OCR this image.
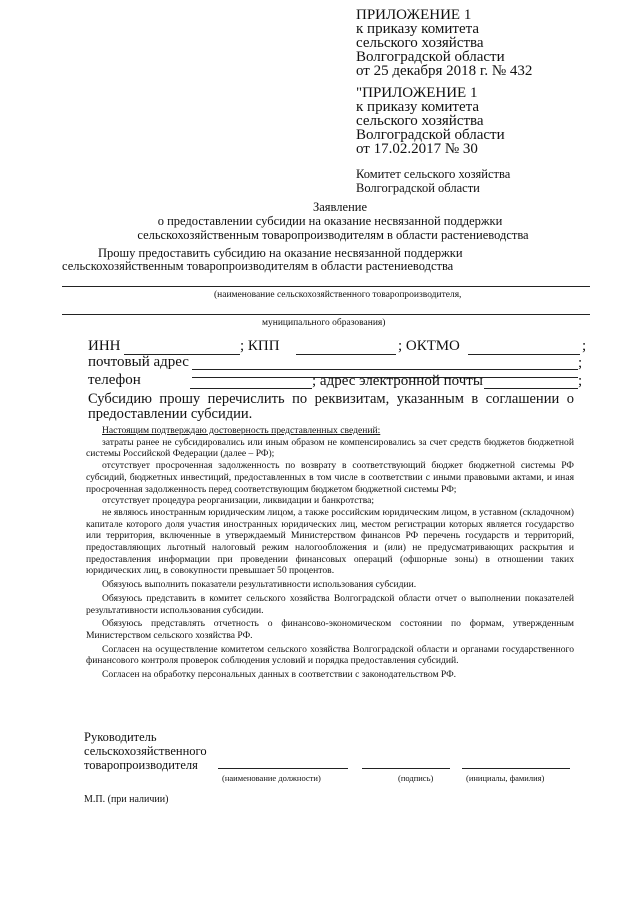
ПРИЛОЖЕНИЕ 1
к приказу комитета
сельского хозяйства
Волгоградской области
от 25 декабря 2018 г. № 432
"ПРИЛОЖЕНИЕ 1
к приказу комитета
сельского хозяйства
Волгоградской области
от 17.02.2017 № 30
Комитет сельского хозяйства
Волгоградской области
Заявление
о предоставлении субсидии на оказание несвязанной поддержки
сельскохозяйственным товаропроизводителям в области растениеводства
Прошу предоставить субсидию на оказание несвязанной поддержки
сельскохозяйственным товаропроизводителям в области растениеводства
(наименование сельскохозяйственного товаропроизводителя,
муниципального образования)
ИНН	; КПП	; ОКТМО	;
почтовый адрес	;
телефон	; адрес электронной почты	;
Субсидию прошу перечислить по реквизитам, указанным в соглашении о предоставлении субсидии.

Настоящим подтверждаю достоверность представленных сведений:

затраты ранее не субсидировались или иным образом не компенсировались за счет средств бюджетов бюджетной системы Российской Федерации (далее – РФ);

отсутствует просроченная задолженность по возврату в соответствующий бюджет бюджетной системы РФ субсидий, бюджетных инвестиций, предоставленных в том числе в соответствии с иными правовыми актами, и иная просроченная задолженность перед соответствующим бюджетом бюджетной системы РФ;

отсутствует процедура реорганизации, ликвидации и банкротства;

не являюсь иностранным юридическим лицом, а также российским юридическим лицом, в уставном (складочном) капитале которого доля участия иностранных юридических лиц, местом регистрации которых является государство или территория, включенные в утверждаемый Министерством финансов РФ перечень государств и территорий, предоставляющих льготный налоговый режим налогообложения и (или) не предусматривающих раскрытия и предоставления информации при проведении финансовых операций (офшорные зоны) в отношении таких юридических лиц, в совокупности превышает 50 процентов.

Обязуюсь выполнить показатели результативности использования субсидии.

Обязуюсь представить в комитет сельского хозяйства Волгоградской области отчет о выполнении показателей результативности использования субсидии.

Обязуюсь представлять отчетность о финансово-экономическом состоянии по формам, утвержденным Министерством сельского хозяйства РФ.

Согласен на осуществление комитетом сельского хозяйства Волгоградской области и органами государственного финансового контроля проверок соблюдения условий и порядка предоставления субсидий.

Согласен на обработку персональных данных в соответствии с законодательством РФ.

Руководитель
сельскохозяйственного
товаропроизводителя
(наименование должности)	(подпись)	(инициалы, фамилия)
М.П. (при наличии)
